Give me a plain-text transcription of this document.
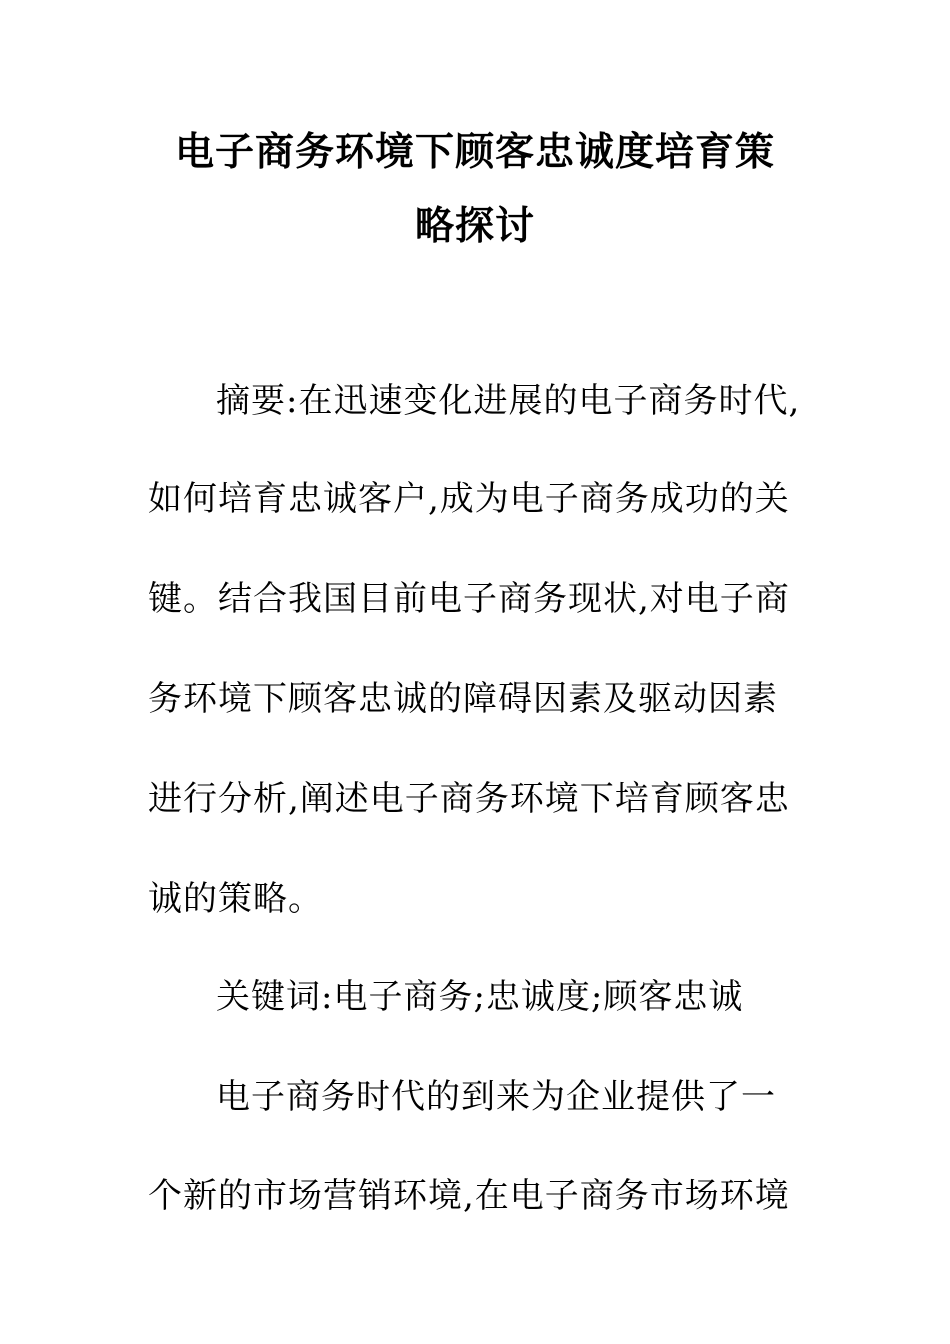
电子商务环境下顾客忠诚度培育策
略探讨
摘要:在迅速变化进展的电子商务时代,
如何培育忠诚客户,成为电子商务成功的关
键。结合我国目前电子商务现状,对电子商
务环境下顾客忠诚的障碍因素及驱动因素
进行分析,阐述电子商务环境下培育顾客忠
诚的策略。
关键词:电子商务;忠诚度;顾客忠诚
电子商务时代的到来为企业提供了一
个新的市场营销环境,在电子商务市场环境
